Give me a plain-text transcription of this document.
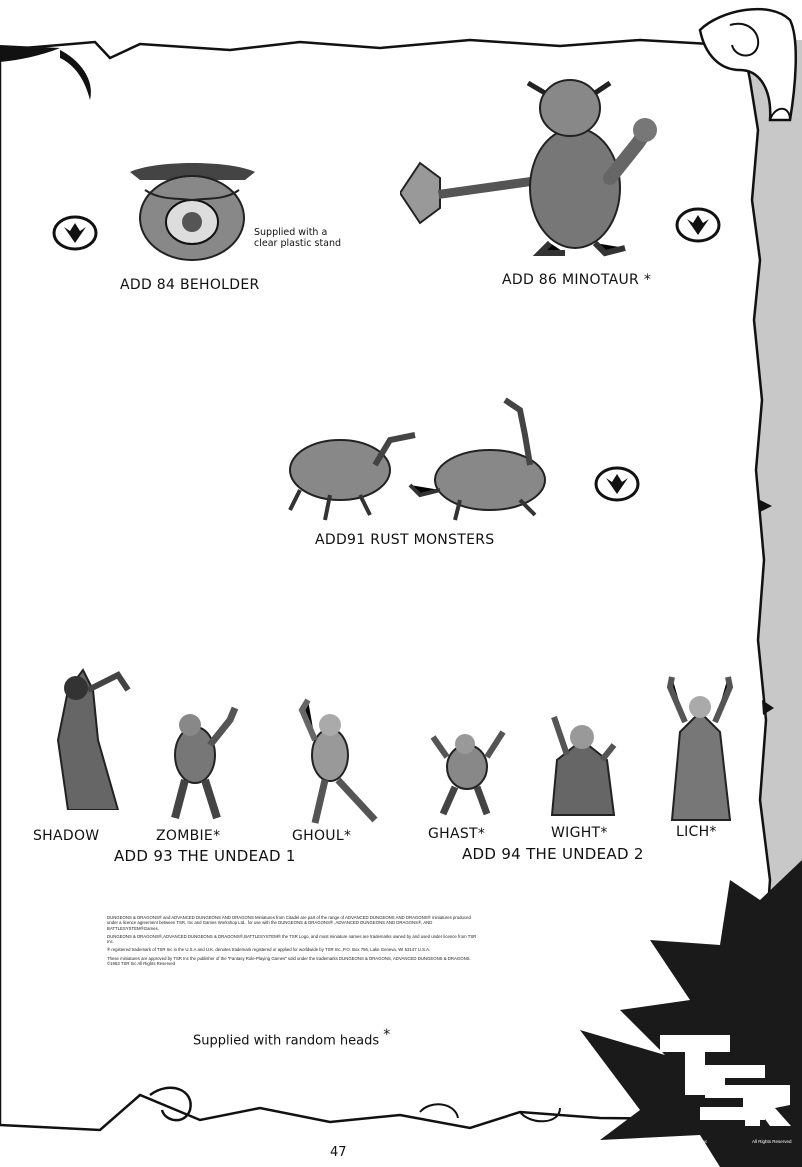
Supplied with a
clear plastic stand
ADD 84 BEHOLDER	ADD 86 MINOTAUR *
ADD91 RUST MONSTERS
SHADOW	ZOMBIE*	GHOUL*
ADD 93 THE UNDEAD 1
GHAST*	WIGHT*	LICH*
ADD 94 THE UNDEAD 2

DUNGEONS & DRAGONS® and ADVANCED DUNGEONS AND DRAGONS Miniatures from Citadel are part of the range of ADVANCED DUNGEONS AND DRAGONS® miniatures produced under a licence agreement between TSR, Inc and Games Workshop Ltd., for use with the DUNGEONS & DRAGONS® ,ADVANCED DUNGEONS AND DRAGONS®, AND BATTLESYSTEM®Games.

DUNGEONS & DRAGONS®,ADVANCED DUNGEONS & DRAGONS®,BATTLESYSTEM® the TSR Logo, and most miniature names are trademarks owned by and used under licence from TSR Inc.

® registered trademark of TSR Inc in the U.S.A and U.K. denotes trademark registered or applied for worldwide by TSR Inc.,P.O. Box 756, Lake Geneva, WI 53147 U.S.A.

These miniatures are approved by TSR Inc the publisher of the "Fantasy Role-Playing Games" sold under the trademarks DUNGEONS & DRAGONS, ADVANCED DUNGEONS & DRAGONS. ©1983 TSR Inc All Rights Reserved

Supplied with random heads *	TSR
1983 TSR Hobbies Inc	All Rights Reserved
47
